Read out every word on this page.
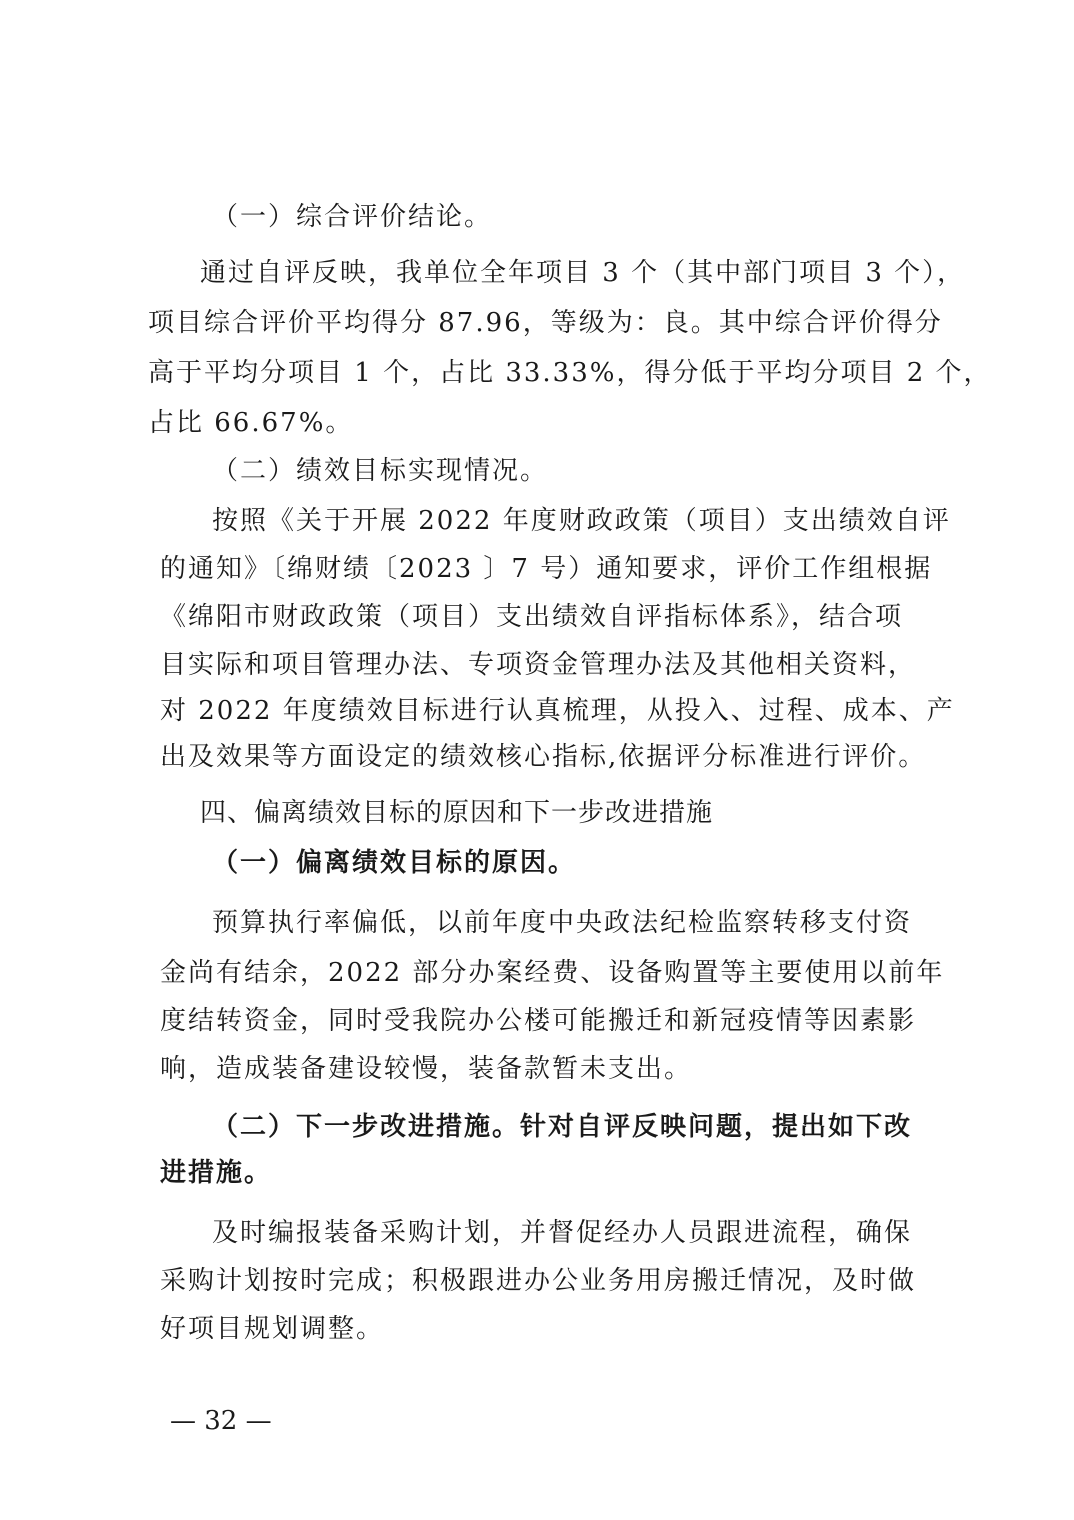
（一）综合评价结论。
通过自评反映，我单位全年项目 3 个（其中部门项目 3 个），
项目综合评价平均得分 87.96，等级为：良。其中综合评价得分
高于平均分项目 1 个，占比 33.33%，得分低于平均分项目 2 个，
占比 66.67%。
（二）绩效目标实现情况。
按照《关于开展 2022 年度财政政策（项目）支出绩效自评
的通知》〔绵财绩〔2023 〕7 号）通知要求，评价工作组根据
《绵阳市财政政策（项目）支出绩效自评指标体系》，结合项
目实际和项目管理办法、专项资金管理办法及其他相关资料，
对 2022 年度绩效目标进行认真梳理，从投入、过程、成本、产
出及效果等方面设定的绩效核心指标,依据评分标准进行评价。
四、偏离绩效目标的原因和下一步改进措施
（一）偏离绩效目标的原因。
预算执行率偏低，以前年度中央政法纪检监察转移支付资
金尚有结余，2022 部分办案经费、设备购置等主要使用以前年
度结转资金，同时受我院办公楼可能搬迁和新冠疫情等因素影
响，造成装备建设较慢，装备款暂未支出。
（二）下一步改进措施。针对自评反映问题，提出如下改
进措施。
及时编报装备采购计划，并督促经办人员跟进流程，确保
采购计划按时完成；积极跟进办公业务用房搬迁情况，及时做
好项目规划调整。
— 32 —
